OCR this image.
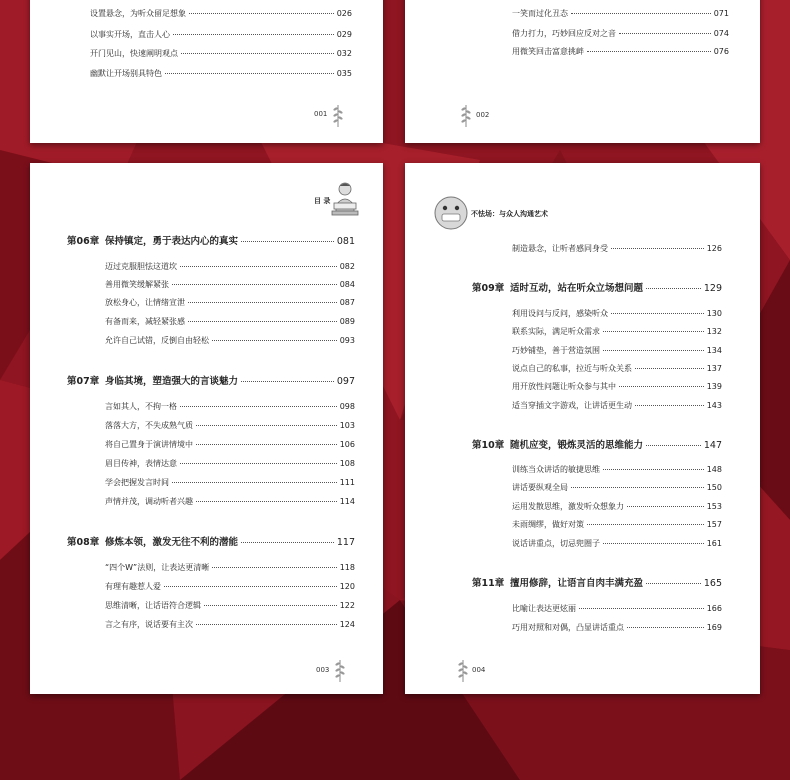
设置悬念，为听众留足想象	026
以事实开场，直击人心	029
开门见山，快速阐明观点	032
幽默让开场别具特色	035
001
一笑而过化丑态	071
借力打力，巧妙回应反对之音	074
用微笑回击富意挑衅	076
002
目 录
第06章 保持镇定，勇于表达内心的真实	081
迈过克服胆怯这道坎	082
善用微笑缓解紧张	084
放松身心，让情绪宣泄	087
有备而来，减轻紧张感	089
允许自己试错，反倒自由轻松	093
第07章 身临其境，塑造强大的言谈魅力	097
言如其人，不拘一格	098
落落大方，不失成熟气质	103
将自己置身于演讲情境中	106
眉目传神，表情达意	108
学会把握发言时间	111
声情并茂，调动听者兴趣	114
第08章 修炼本领，激发无往不利的潜能	117
“四个W”法则，让表达更清晰	118
有理有趣惹人爱	120
思维清晰，让话语符合逻辑	122
言之有序，说话要有主次	124
003
不怯场：与众人沟通艺术
制造悬念，让听者感同身受	126
第09章 适时互动，站在听众立场想问题	129
利用设问与反问，感染听众	130
联系实际，满足听众需求	132
巧妙铺垫，善于营造氛围	134
说点自己的私事，拉近与听众关系	137
用开放性问题让听众参与其中	139
适当穿插文字游戏，让讲话更生动	143
第10章 随机应变，锻炼灵活的思维能力	147
训练当众讲话的敏捷思维	148
讲话要纵观全局	150
运用发散思维，激发听众想象力	153
未雨绸缪，做好对策	157
说话讲重点，切忌兜圈子	161
第11章 擅用修辞，让语言自肉丰满充盈	165
比喻让表达更炫丽	166
巧用对照和对偶，凸显讲话重点	169
004
